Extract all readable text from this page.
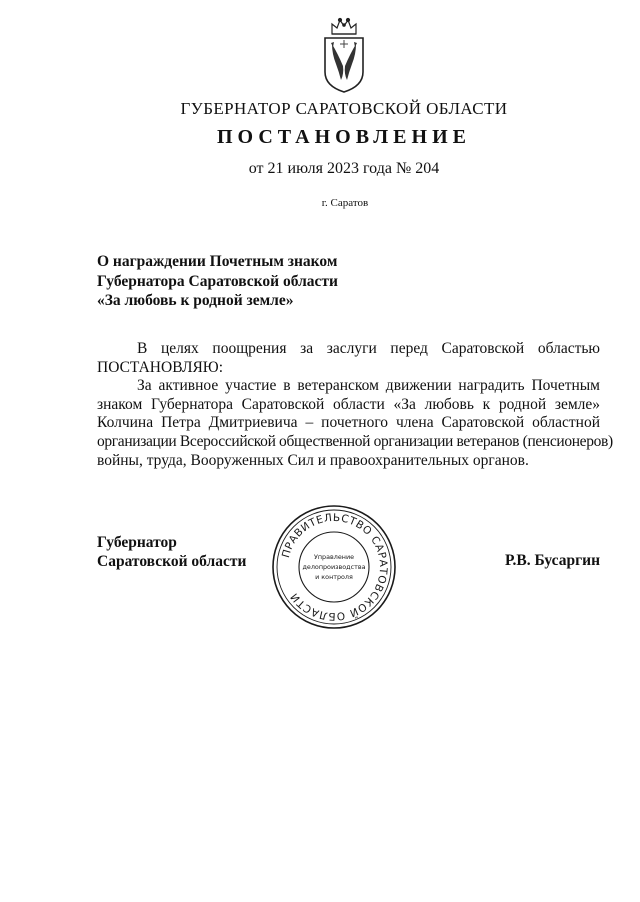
ГУБЕРНАТОР САРАТОВСКОЙ ОБЛАСТИ
ПОСТАНОВЛЕНИЕ
от 21 июля 2023 года № 204
г. Саратов
О награждении Почетным знаком
Губернатора Саратовской области
«За любовь к родной земле»
В целях поощрения за заслуги перед Саратовской областью
ПОСТАНОВЛЯЮ:
За активное участие в ветеранском движении наградить Почетным
знаком Губернатора Саратовской области «За любовь к родной земле»
Колчина Петра Дмитриевича – почетного члена Саратовской областной
организации Всероссийской общественной организации ветеранов (пенсионеров)
войны, труда, Вооруженных Сил и правоохранительных органов.
Губернатор
Саратовской области	Р.В. Бусаргин
ПРАВИТЕЛЬСТВО САРАТОВСКОЙ ОБЛАСТИ
Управление
делопроизводства
и контроля
